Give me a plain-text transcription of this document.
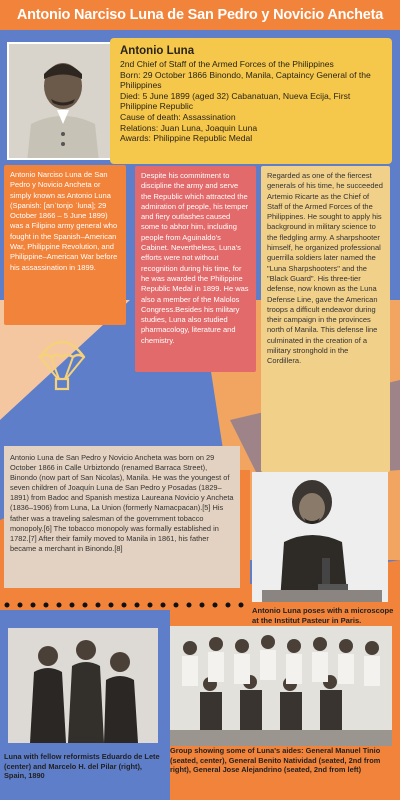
Antonio Narciso Luna de San Pedro y Novicio Ancheta
Antonio Luna
2nd Chief of Staff of the Armed Forces of the Philippines
Born: 29 October 1866 Binondo, Manila, Captaincy General of the Philippines
Died: 5 June 1899 (aged 32) Cabanatuan, Nueva Ecija, First Philippine Republic
Cause of death: Assassination
Relations: Juan Luna, Joaquin Luna
Awards: Philippine Republic Medal
Antonio Narciso Luna de San Pedro y Novicio Ancheta or simply known as Antonio Luna (Spanish: [anˈtonjo ˈluna]; 29 October 1866 – 5 June 1899) was a Filipino army general who fought in the Spanish–American War, Philippine Revolution, and Philippine–American War before his assassination in 1899.
Despite his commitment to discipline the army and serve the Republic which attracted the admiration of people, his temper and fiery outlashes caused some to abhor him, including people from Aguinaldo's Cabinet. Nevertheless, Luna's efforts were not without recognition during his time, for he was awarded the Philippine Republic Medal in 1899. He was also a member of the Malolos Congress.Besides his military studies, Luna also studied pharmacology, literature and chemistry.
Regarded as one of the fiercest generals of his time, he succeeded Artemio Ricarte as the Chief of Staff of the Armed Forces of the Philippines. He sought to apply his background in military science to the fledgling army. A sharpshooter himself, he organized professional guerrilla soldiers later named the "Luna Sharpshooters" and the "Black Guard". His three-tier defense, now known as the Luna Defense Line, gave the American troops a difficult endeavor during their campaign in the provinces north of Manila. This defense line culminated in the creation of a military stronghold in the Cordillera.
Antonio Luna de San Pedro y Novicio Ancheta was born on 29 October 1866 in Calle Urbiztondo (renamed Barraca Street), Binondo (now part of San Nicolas), Manila. He was the youngest of seven children of Joaquín Luna de San Pedro y Posadas (1829–1891) from Badoc and Spanish mestiza Laureana Novicio y Ancheta (1836–1906) from Luna, La Union (formerly Namacpacan).[5] His father was a traveling salesman of the government tobacco monopoly.[6] The tobacco monopoly was formally established in 1782.[7] After their family moved to Manila in 1861, his father became a merchant in Binondo.[8]
Antonio Luna poses with a microscope at the Institut Pasteur in Paris.
Luna with fellow reformists Eduardo de Lete (center) and Marcelo H. del Pilar (right), Spain, 1890
Group showing some of Luna's aides: General Manuel Tinio (seated, center), General Benito Natividad (seated, 2nd from right), General Jose Alejandrino (seated, 2nd from left)
